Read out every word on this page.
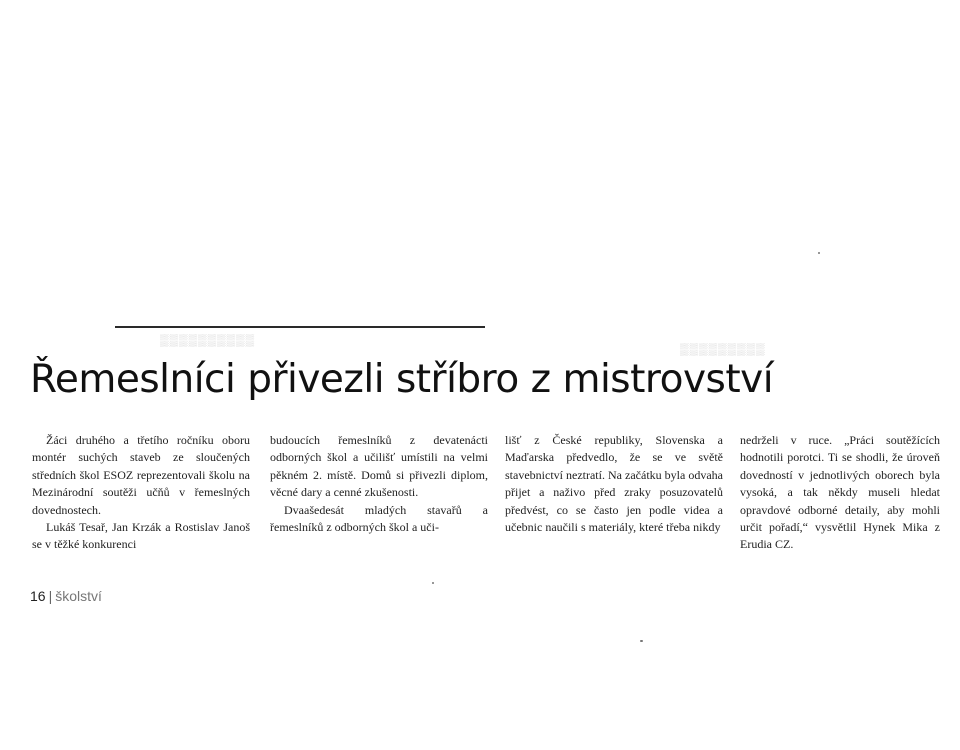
▒▒▒▒▒▒▒▒▒▒
▒▒▒▒▒▒▒▒▒
Řemeslníci přivezli stříbro z mistrovství

Žáci druhého a třetího ročníku oboru montér suchých staveb ze sloučených středních škol ESOZ reprezentovali školu na Mezinárodní soutěži učňů v řemeslných dovednostech.

Lukáš Tesař, Jan Krzák a Rostislav Janoš se v těžké konkurenci

budoucích řemeslníků z devatenácti odborných škol a učilišť umístili na velmi pěkném 2. místě. Domů si přivezli diplom, věcné dary a cenné zkušenosti.

Dvaašedesát mladých stavařů a řemeslníků z odborných škol a uči-

lišť z České republiky, Slovenska a Maďarska předvedlo, že se ve světě stavebnictví neztratí. Na začátku byla odvaha přijet a naživo před zraky posuzovatelů předvést, co se často jen podle videa a učebnic naučili s materiály, které třeba nikdy

nedrželi v ruce. „Práci soutěžících hodnotili porotci. Ti se shodli, že úroveň dovedností v jednotlivých oborech byla vysoká, a tak někdy museli hledat opravdové odborné detaily, aby mohli určit pořadí,“ vysvětlil Hynek Mika z Erudia CZ.

16 | školství
